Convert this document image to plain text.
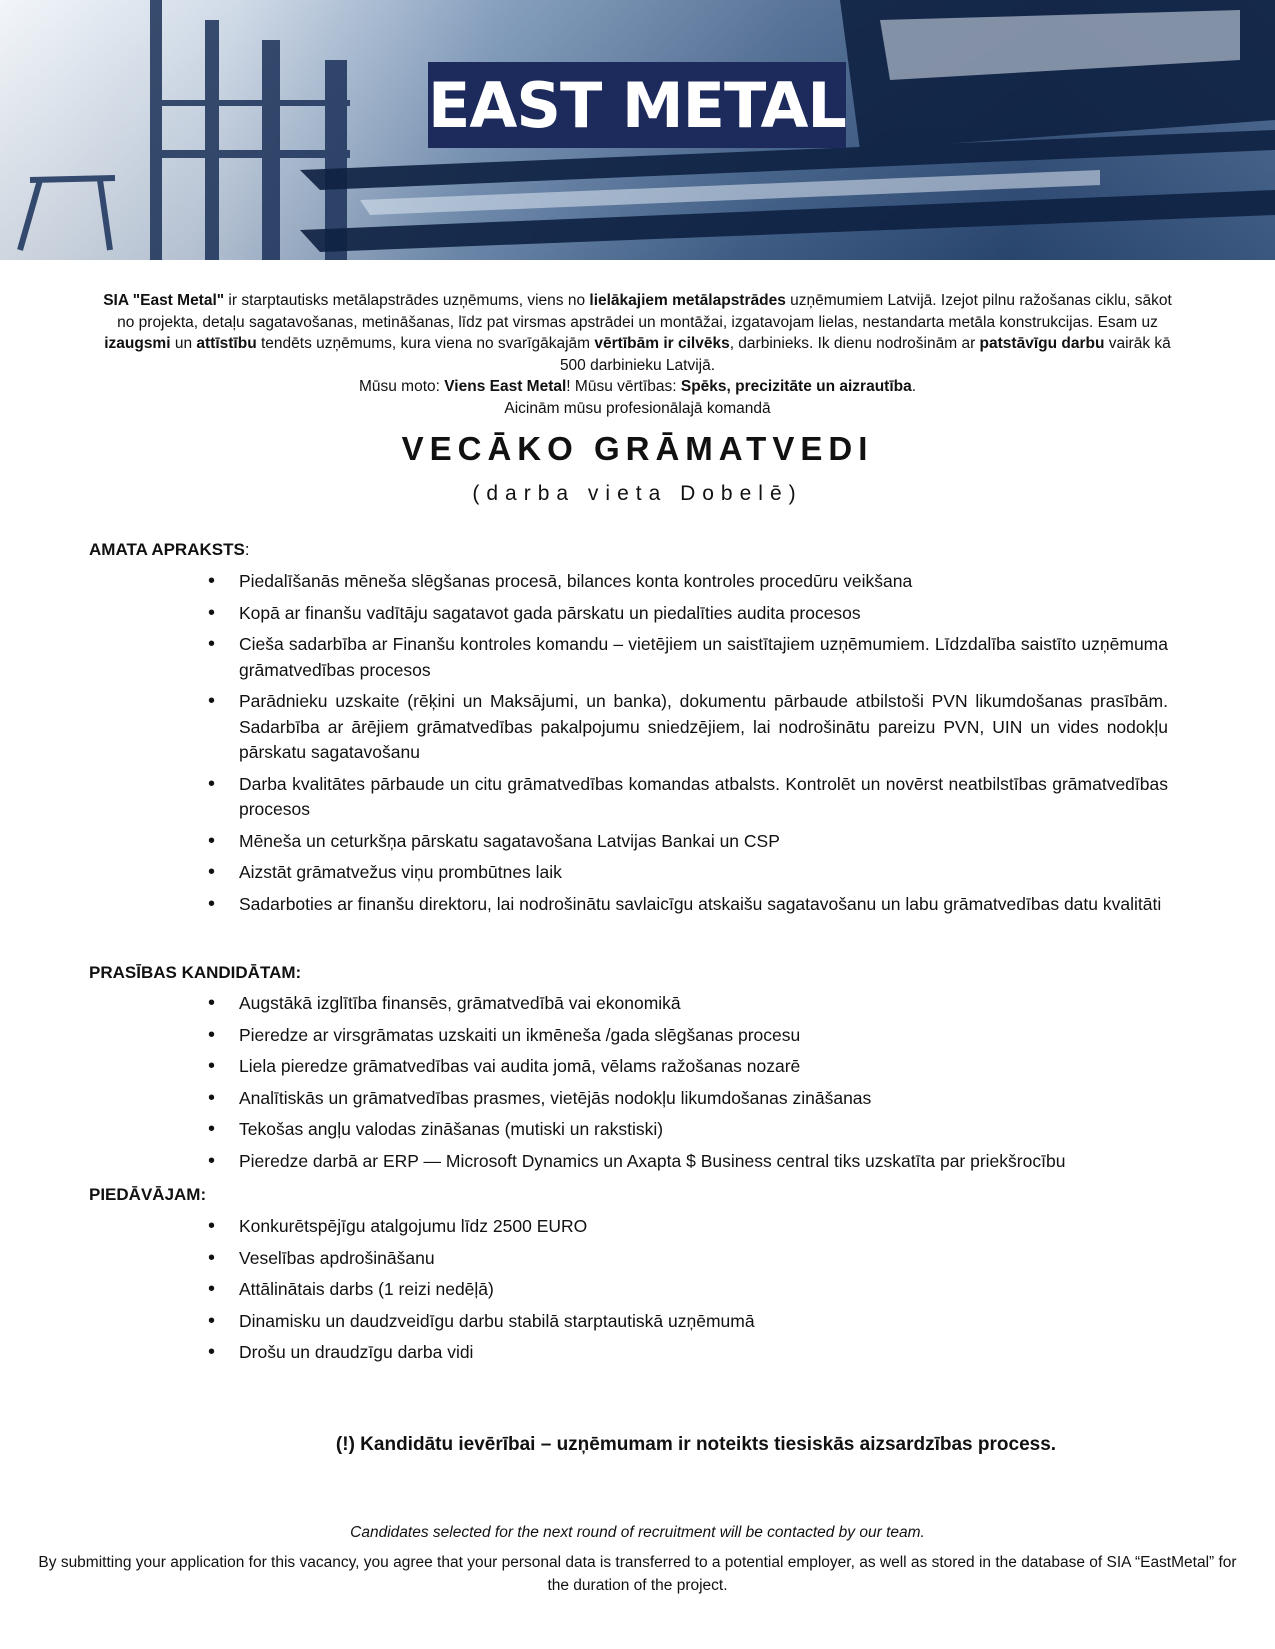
EAST METAL

SIA "East Metal" ir starptautisks metālapstrādes uzņēmums, viens no lielākajiem metālapstrādes uzņēmumiem Latvijā. Izejot pilnu ražošanas ciklu, sākot no projekta, detaļu sagatavošanas, metināšanas, līdz pat virsmas apstrādei un montāžai, izgatavojam lielas, nestandarta metāla konstrukcijas. Esam uz izaugsmi un attīstību tendēts uzņēmums, kura viena no svarīgākajām vērtībām ir cilvēks, darbinieks. Ik dienu nodrošinām ar patstāvīgu darbu vairāk kā 500 darbinieku Latvijā.

Mūsu moto: Viens East Metal! Mūsu vērtības: Spēks, precizitāte un aizrautība.

Aicinām mūsu profesionālajā komandā

VECĀKO GRĀMATVEDI
(darba vieta Dobelē)
AMATA APRAKSTS:
• Piedalīšanās mēneša slēgšanas procesā, bilances konta kontroles procedūru veikšana
• Kopā ar finanšu vadītāju sagatavot gada pārskatu un piedalīties audita procesos
• Cieša sadarbība ar Finanšu kontroles komandu – vietējiem un saistītajiem uzņēmumiem. Līdzdalība saistīto uzņēmuma grāmatvedības procesos
• Parādnieku uzskaite (rēķini un Maksājumi, un banka), dokumentu pārbaude atbilstoši PVN likumdošanas prasībām. Sadarbība ar ārējiem grāmatvedības pakalpojumu sniedzējiem, lai nodrošinātu pareizu PVN, UIN un vides nodokļu pārskatu sagatavošanu
• Darba kvalitātes pārbaude un citu grāmatvedības komandas atbalsts. Kontrolēt un novērst neatbilstības grāmatvedības procesos
• Mēneša un ceturkšņa pārskatu sagatavošana Latvijas Bankai un CSP
• Aizstāt grāmatvežus viņu prombūtnes laik
• Sadarboties ar finanšu direktoru, lai nodrošinātu savlaicīgu atskaišu sagatavošanu un labu grāmatvedības datu kvalitāti
PRASĪBAS KANDIDĀTAM:
• Augstākā izglītība finansēs, grāmatvedībā vai ekonomikā
• Pieredze ar virsgrāmatas uzskaiti un ikmēneša /gada slēgšanas procesu
• Liela pieredze grāmatvedības vai audita jomā, vēlams ražošanas nozarē
• Analītiskās un grāmatvedības prasmes, vietējās nodokļu likumdošanas zināšanas
• Tekošas angļu valodas zināšanas (mutiski un rakstiski)
• Pieredze darbā ar ERP — Microsoft Dynamics un Axapta $ Business central tiks uzskatīta par priekšrocību
PIEDĀVĀJAM:
• Konkurētspējīgu atalgojumu līdz 2500 EURO
• Veselības apdrošināšanu
• Attālinātais darbs (1 reizi nedēļā)
• Dinamisku un daudzveidīgu darbu stabilā starptautiskā uzņēmumā
• Drošu un draudzīgu darba vidi
(!) Kandidātu ievērībai – uzņēmumam ir noteikts tiesiskās aizsardzības process.
Candidates selected for the next round of recruitment will be contacted by our team.
By submitting your application for this vacancy, you agree that your personal data is transferred to a potential employer, as well as stored in the database of SIA “EastMetal” for the duration of the project.
